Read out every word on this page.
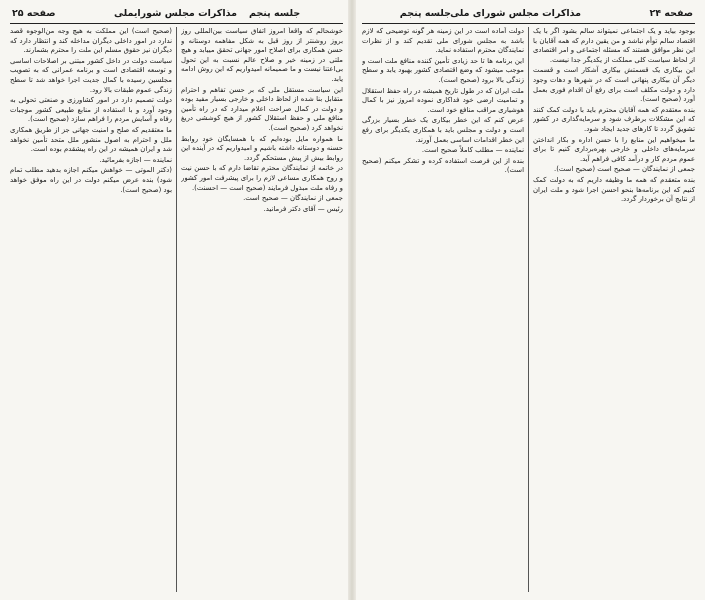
صفحه ۲۵	مذاکرات مجلس شورایملی جلسه پنجم

خوشحالم که واقعاً امروز اتفاق سیاست بین‌المللی روز بروز روشنتر از روز قبل به شکل مفاهمه دوستانه و حسن همکاری برای اصلاح امور جهانی تحقق مییابد و هیچ ملتی در زمینه خیر و صلاح عالم نسبت به این تحول بی‌اعتنا نیست و ما صمیمانه امیدواریم که این روش ادامه یابد.

این سیاست مستقل ملی که بر حسن تفاهم و احترام متقابل بنا شده از لحاظ داخلی و خارجی بسیار مفید بوده و دولت در کمال صراحت اعلام میدارد که در راه تأمین منافع ملی و حفظ استقلال کشور از هیچ کوششی دریغ نخواهد کرد (صحیح است).

ما همواره مایل بوده‌ایم که با همسایگان خود روابط حسنه و دوستانه داشته باشیم و امیدواریم که در آینده این روابط بیش از پیش مستحکم گردد.

در خاتمه از نمایندگان محترم تقاضا دارم که با حسن نیت و روح همکاری مساعی لازم را برای پیشرفت امور کشور و رفاه ملت مبذول فرمایند (صحیح است — احسنت).

جمعی از نمایندگان — صحیح است.

رئیس — آقای دکتر فرمانید.

(صحیح است) این مملکت به هیچ وجه من‌الوجوه قصد ندارد در امور داخلی دیگران مداخله کند و انتظار دارد که دیگران نیز حقوق مسلم این ملت را محترم بشمارند.

سیاست دولت در داخل کشور مبتنی بر اصلاحات اساسی و توسعه اقتصادی است و برنامه عمرانی که به تصویب مجلسین رسیده با کمال جدیت اجرا خواهد شد تا سطح زندگی عموم طبقات بالا رود.

دولت تصمیم دارد در امور کشاورزی و صنعتی تحولی به وجود آورد و با استفاده از منابع طبیعی کشور موجبات رفاه و آسایش مردم را فراهم سازد (صحیح است).

ما معتقدیم که صلح و امنیت جهانی جز از طریق همکاری ملل و احترام به اصول منشور ملل متحد تأمین نخواهد شد و ایران همیشه در این راه پیشقدم بوده است.

نماینده — اجازه بفرمائید.

(دکتر الموتی — خواهش میکنم اجازه بدهید مطلب تمام شود) بنده عرض میکنم دولت در این راه موفق خواهد بود (صحیح است).

صفحه ۲۴
مذاکرات مجلس شورای ملی
جلسه پنجم

بوجود بیاید و یک اجتماعی نمیتواند سالم بشود اگر با یک اقتصاد سالم توأم نباشد و من یقین دارم که همه آقایان با این نظر موافق هستند که مسئله اجتماعی و امر اقتصادی از لحاظ سیاست کلی مملکت از یکدیگر جدا نیست.

این بیکاری یک قسمتش بیکاری آشکار است و قسمت دیگر آن بیکاری پنهانی است که در شهرها و دهات وجود دارد و دولت مکلف است برای رفع آن اقدام فوری بعمل آورد (صحیح است).

بنده معتقدم که همه آقایان محترم باید با دولت کمک کنند که این مشکلات برطرف شود و سرمایه‌گذاری در کشور تشویق گردد تا کارهای جدید ایجاد شود.

ما میخواهیم این منابع را با حسن اداره و بکار انداختن سرمایه‌های داخلی و خارجی بهره‌برداری کنیم تا برای عموم مردم کار و درآمد کافی فراهم آید.

جمعی از نمایندگان — صحیح است (صحیح است).

بنده متعقدم که همه ما وظیفه داریم که به دولت کمک کنیم که این برنامه‌ها بنحو احسن اجرا شود و ملت ایران از نتایج آن برخوردار گردد.

دولت آماده است در این زمینه هر گونه توضیحی که لازم باشد به مجلس شورای ملی تقدیم کند و از نظرات نمایندگان محترم استفاده نماید.

این برنامه ها تا حد زیادی تأمین کننده منافع ملت است و موجب میشود که وضع اقتصادی کشور بهبود یابد و سطح زندگی بالا برود (صحیح است).

ملت ایران که در طول تاریخ همیشه در راه حفظ استقلال و تمامیت ارضی خود فداکاری نموده امروز نیز با کمال هوشیاری مراقب منافع خود است.

عرض کنم که این خطر بیکاری یک خطر بسیار بزرگی است و دولت و مجلس باید با همکاری یکدیگر برای رفع این خطر اقدامات اساسی بعمل آورند.

نماینده — مطلب کاملاً صحیح است.

بنده از این فرصت استفاده کرده و تشکر میکنم (صحیح است).
